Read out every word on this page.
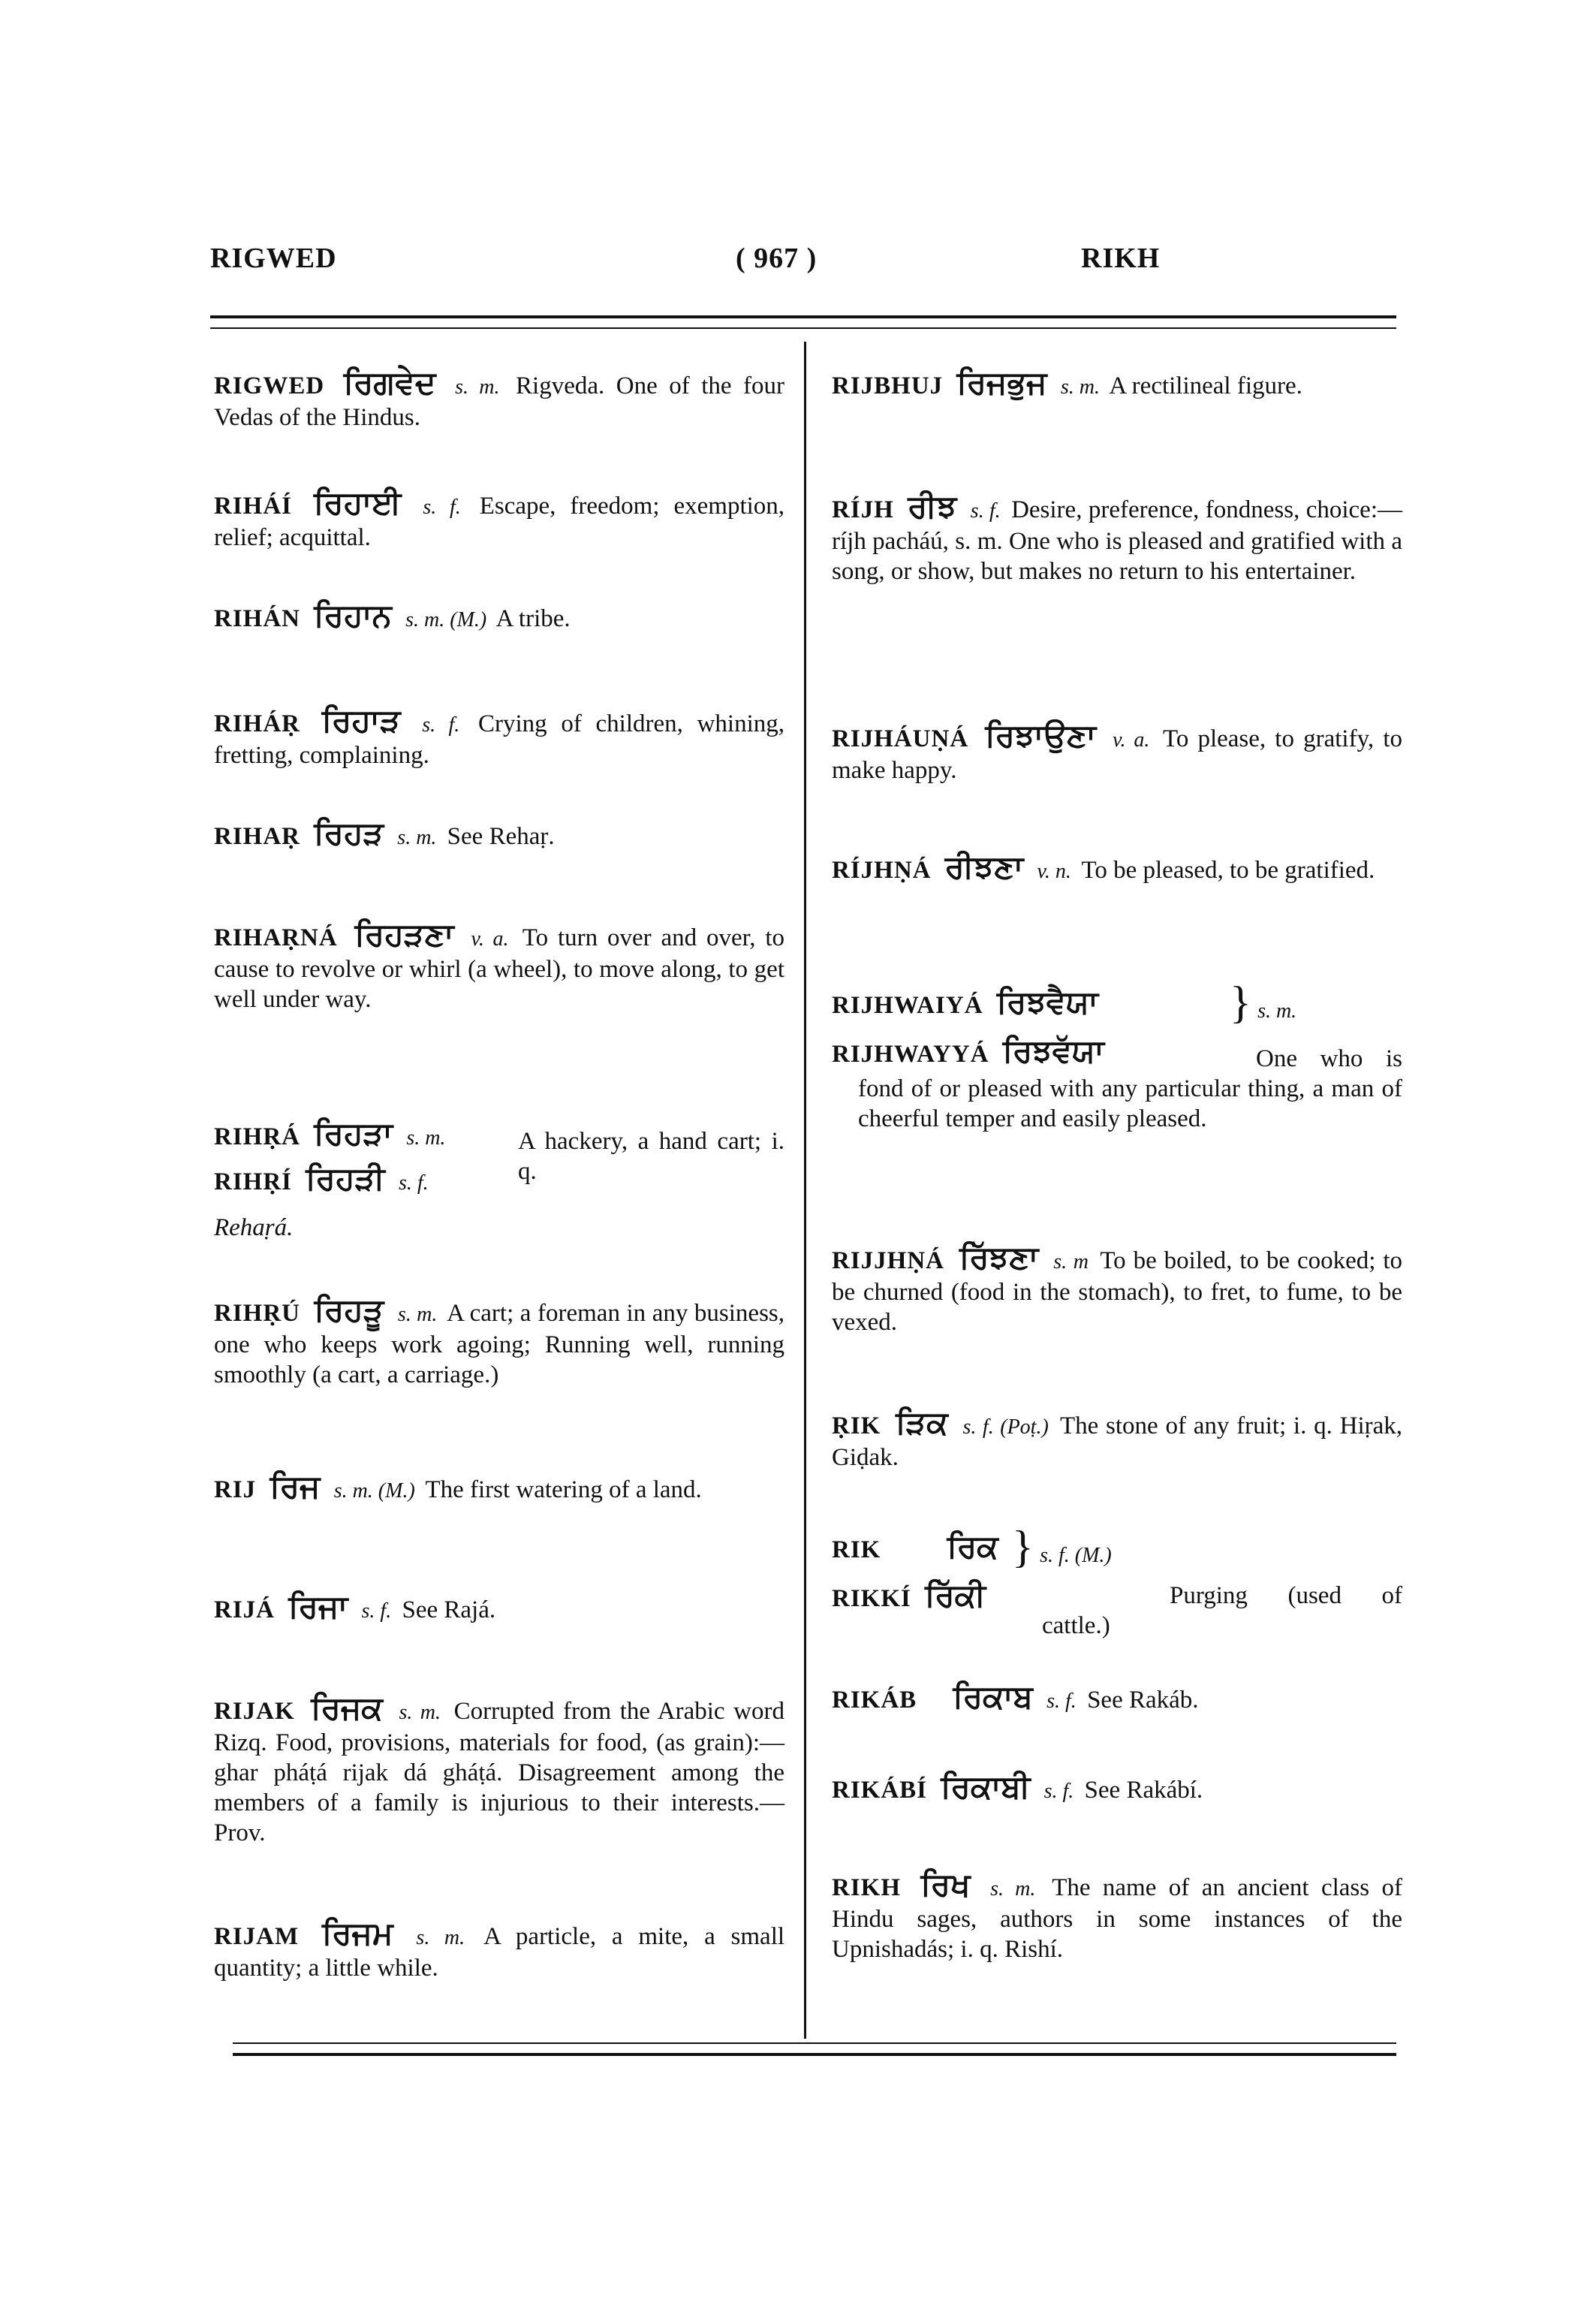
RIGWED	( 967 )	RIKH
RIGWED ਰਿਗਵੇਦ s. m. Rigveda. One of the four Vedas of the Hindus.
RIHÁÍ ਰਿਹਾਈ s. f. Escape, freedom; exemption, relief; acquittal.
RIHÁN ਰਿਹਾਨ s. m. (M.) A tribe.
RIHÁṚ ਰਿਹਾੜ s. f. Crying of children, whining, fretting, complaining.
RIHAṚ ਰਿਹੜ s. m. See Rehaṛ.
RIHAṚNÁ ਰਿਹੜਣਾ v. a. To turn over and over, to cause to revolve or whirl (a wheel), to move along, to get well under way.
RIHṚÁ ਰਿਹੜਾ s. m.
RIHṚÍ ਰਿਹੜੀ s. f.
A hackery, a hand cart; i. q.
Rehaṛá.
RIHṚÚ ਰਿਹੜੂ s. m. A cart; a foreman in any business, one who keeps work agoing; Running well, running smoothly (a cart, a carriage.)
RIJ ਰਿਜ s. m. (M.) The first watering of a land.
RIJÁ ਰਿਜਾ s. f. See Rajá.
RIJAK ਰਿਜਕ s. m. Corrupted from the Arabic word Rizq. Food, provisions, materials for food, (as grain):—ghar pháṭá rijak dá gháṭá. Disagreement among the members of a family is injurious to their interests.—Prov.
RIJAM ਰਿਜਮ s. m. A particle, a mite, a small quantity; a little while.
RIJBHUJ ਰਿਜਭੁਜ s. m. A rectilineal figure.
RÍJH ਰੀਝ s. f. Desire, preference, fondness, choice:—ríjh pacháú, s. m. One who is pleased and gratified with a song, or show, but makes no return to his entertainer.
RIJHÁUṆÁ ਰਿਝਾਉਣਾ v. a. To please, to gratify, to make happy.
RÍJHṆÁ ਰੀਝਣਾ v. n. To be pleased, to be gratified.
RIJHWAIYÁ ਰਿਝਵੈਯਾ
RIJHWAYYÁ ਰਿਝਵੱਯਾ
} s. m.
One who is fond of or pleased with any particular thing, a man of cheerful temper and easily pleased.
RIJJHṆÁ ਰਿੱਝਣਾ s. m To be boiled, to be cooked; to be churned (food in the stomach), to fret, to fume, to be vexed.
ṚIK ੜਿਕ s. f. (Poṭ.) The stone of any fruit; i. q. Hiṛak, Giḍak.
RIK ਰਿਕ
RIKKÍ ਰਿੱਕੀ
} s. f. (M.)
Purging (used of cattle.)
RIKÁB ਰਿਕਾਬ s. f. See Rakáb.
RIKÁBÍ ਰਿਕਾਬੀ s. f. See Rakábí.
RIKH ਰਿਖ s. m. The name of an ancient class of Hindu sages, authors in some instances of the Upnishadás; i. q. Rishí.
